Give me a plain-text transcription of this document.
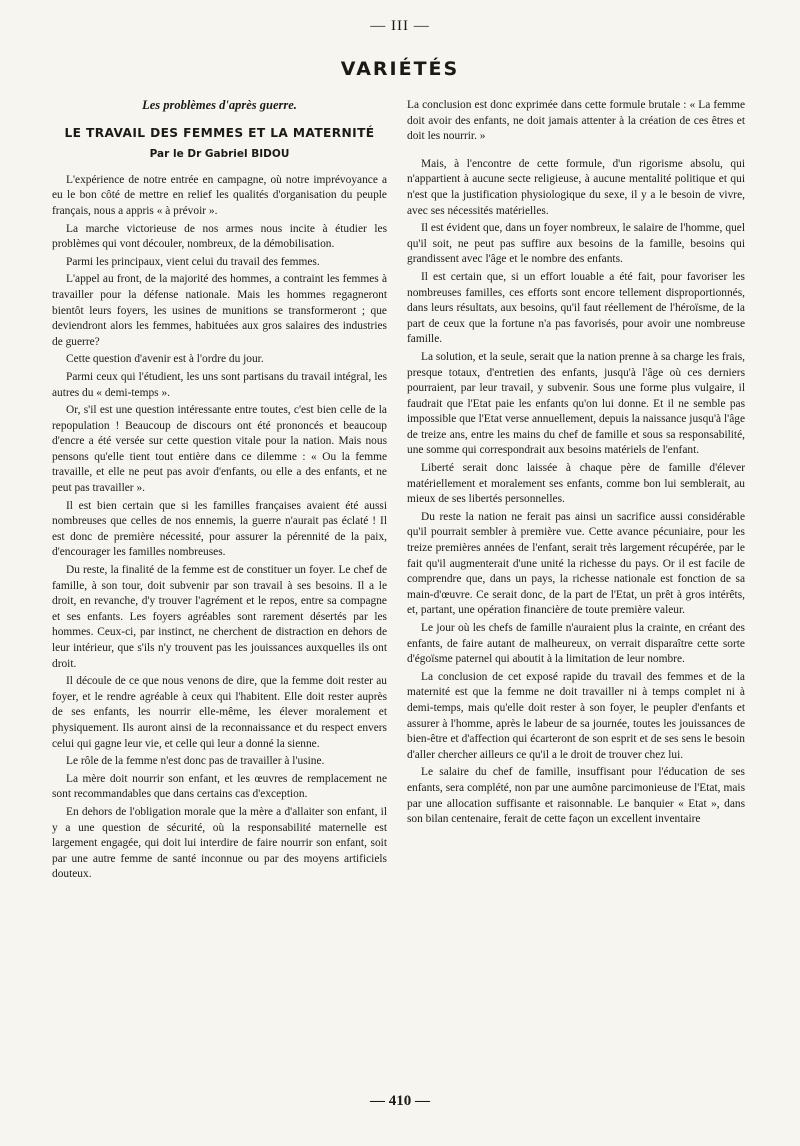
— III —
VARIÉTÉS
Les problèmes d'après guerre.
LE TRAVAIL DES FEMMES ET LA MATERNITÉ
Par le Dr Gabriel BIDOU

L'expérience de notre entrée en campagne, où notre imprévoyance a eu le bon côté de mettre en relief les qualités d'organisation du peuple français, nous a appris « à prévoir ».

La marche victorieuse de nos armes nous incite à étudier les problèmes qui vont découler, nombreux, de la démobilisation.

Parmi les principaux, vient celui du travail des femmes.

L'appel au front, de la majorité des hommes, a contraint les femmes à travailler pour la défense nationale. Mais les hommes regagneront bientôt leurs foyers, les usines de munitions se transformeront ; que deviendront alors les femmes, habituées aux gros salaires des industries de guerre?

Cette question d'avenir est à l'ordre du jour.

Parmi ceux qui l'étudient, les uns sont partisans du travail intégral, les autres du « demi-temps ».

Or, s'il est une question intéressante entre toutes, c'est bien celle de la repopulation ! Beaucoup de discours ont été prononcés et beaucoup d'encre a été versée sur cette question vitale pour la nation. Mais nous pensons qu'elle tient tout entière dans ce dilemme : « Ou la femme travaille, et elle ne peut pas avoir d'enfants, ou elle a des enfants, et ne peut pas travailler ».

Il est bien certain que si les familles françaises avaient été aussi nombreuses que celles de nos ennemis, la guerre n'aurait pas éclaté ! Il est donc de première nécessité, pour assurer la pérennité de la paix, d'encourager les familles nombreuses.

Du reste, la finalité de la femme est de constituer un foyer. Le chef de famille, à son tour, doit subvenir par son travail à ses besoins. Il a le droit, en revanche, d'y trouver l'agrément et le repos, entre sa compagne et ses enfants. Les foyers agréables sont rarement désertés par les hommes. Ceux-ci, par instinct, ne cherchent de distraction en dehors de leur intérieur, que s'ils n'y trouvent pas les jouissances auxquelles ils ont droit.

Il découle de ce que nous venons de dire, que la femme doit rester au foyer, et le rendre agréable à ceux qui l'habitent. Elle doit rester auprès de ses enfants, les nourrir elle-même, les élever moralement et physiquement. Ils auront ainsi de la reconnaissance et du respect envers celui qui gagne leur vie, et celle qui leur a donné la sienne.

Le rôle de la femme n'est donc pas de travailler à l'usine.

La mère doit nourrir son enfant, et les œuvres de remplacement ne sont recommandables que dans certains cas d'exception.

En dehors de l'obligation morale que la mère a d'allaiter son enfant, il y a une question de sécurité, où la responsabilité maternelle est largement engagée, qui doit lui interdire de faire nourrir son enfant, soit par une autre femme de santé inconnue ou par des moyens artificiels douteux.

La conclusion est donc exprimée dans cette formule brutale : « La femme doit avoir des enfants, ne doit jamais attenter à la création de ces êtres et doit les nourrir. »

Mais, à l'encontre de cette formule, d'un rigorisme absolu, qui n'appartient à aucune secte religieuse, à aucune mentalité politique et qui n'est que la justification physiologique du sexe, il y a le besoin de vivre, avec ses nécessités matérielles.

Il est évident que, dans un foyer nombreux, le salaire de l'homme, quel qu'il soit, ne peut pas suffire aux besoins de la famille, besoins qui grandissent avec l'âge et le nombre des enfants.

Il est certain que, si un effort louable a été fait, pour favoriser les nombreuses familles, ces efforts sont encore tellement disproportionnés, dans leurs résultats, aux besoins, qu'il faut réellement de l'héroïsme, de la part de ceux que la fortune n'a pas favorisés, pour avoir une nombreuse famille.

La solution, et la seule, serait que la nation prenne à sa charge les frais, presque totaux, d'entretien des enfants, jusqu'à l'âge où ces derniers pourraient, par leur travail, y subvenir. Sous une forme plus vulgaire, il faudrait que l'Etat paie les enfants qu'on lui donne. Et il ne semble pas impossible que l'Etat verse annuellement, depuis la naissance jusqu'à l'âge de treize ans, entre les mains du chef de famille et sous sa responsabilité, une somme qui correspondrait aux besoins matériels de l'enfant.

Liberté serait donc laissée à chaque père de famille d'élever matériellement et moralement ses enfants, comme bon lui semblerait, au mieux de ses libertés personnelles.

Du reste la nation ne ferait pas ainsi un sacrifice aussi considérable qu'il pourrait sembler à première vue. Cette avance pécuniaire, pour les treize premières années de l'enfant, serait très largement récupérée, par le fait qu'il augmenterait d'une unité la richesse du pays. Or il est facile de comprendre que, dans un pays, la richesse nationale est fonction de sa main-d'œuvre. Ce serait donc, de la part de l'Etat, un prêt à gros intérêts, et, partant, une opération financière de toute première valeur.

Le jour où les chefs de famille n'auraient plus la crainte, en créant des enfants, de faire autant de malheureux, on verrait disparaître cette sorte d'égoïsme paternel qui aboutit à la limitation de leur nombre.

La conclusion de cet exposé rapide du travail des femmes et de la maternité est que la femme ne doit travailler ni à temps complet ni à demi-temps, mais qu'elle doit rester à son foyer, le peupler d'enfants et assurer à l'homme, après le labeur de sa journée, toutes les jouissances de bien-être et d'affection qui écarteront de son esprit et de ses sens le besoin d'aller chercher ailleurs ce qu'il a le droit de trouver chez lui.

Le salaire du chef de famille, insuffisant pour l'éducation de ses enfants, sera complété, non par une aumône parcimonieuse de l'Etat, mais par une allocation suffisante et raisonnable. Le banquier « Etat », dans son bilan centenaire, ferait de cette façon un excellent inventaire

— 410 —
